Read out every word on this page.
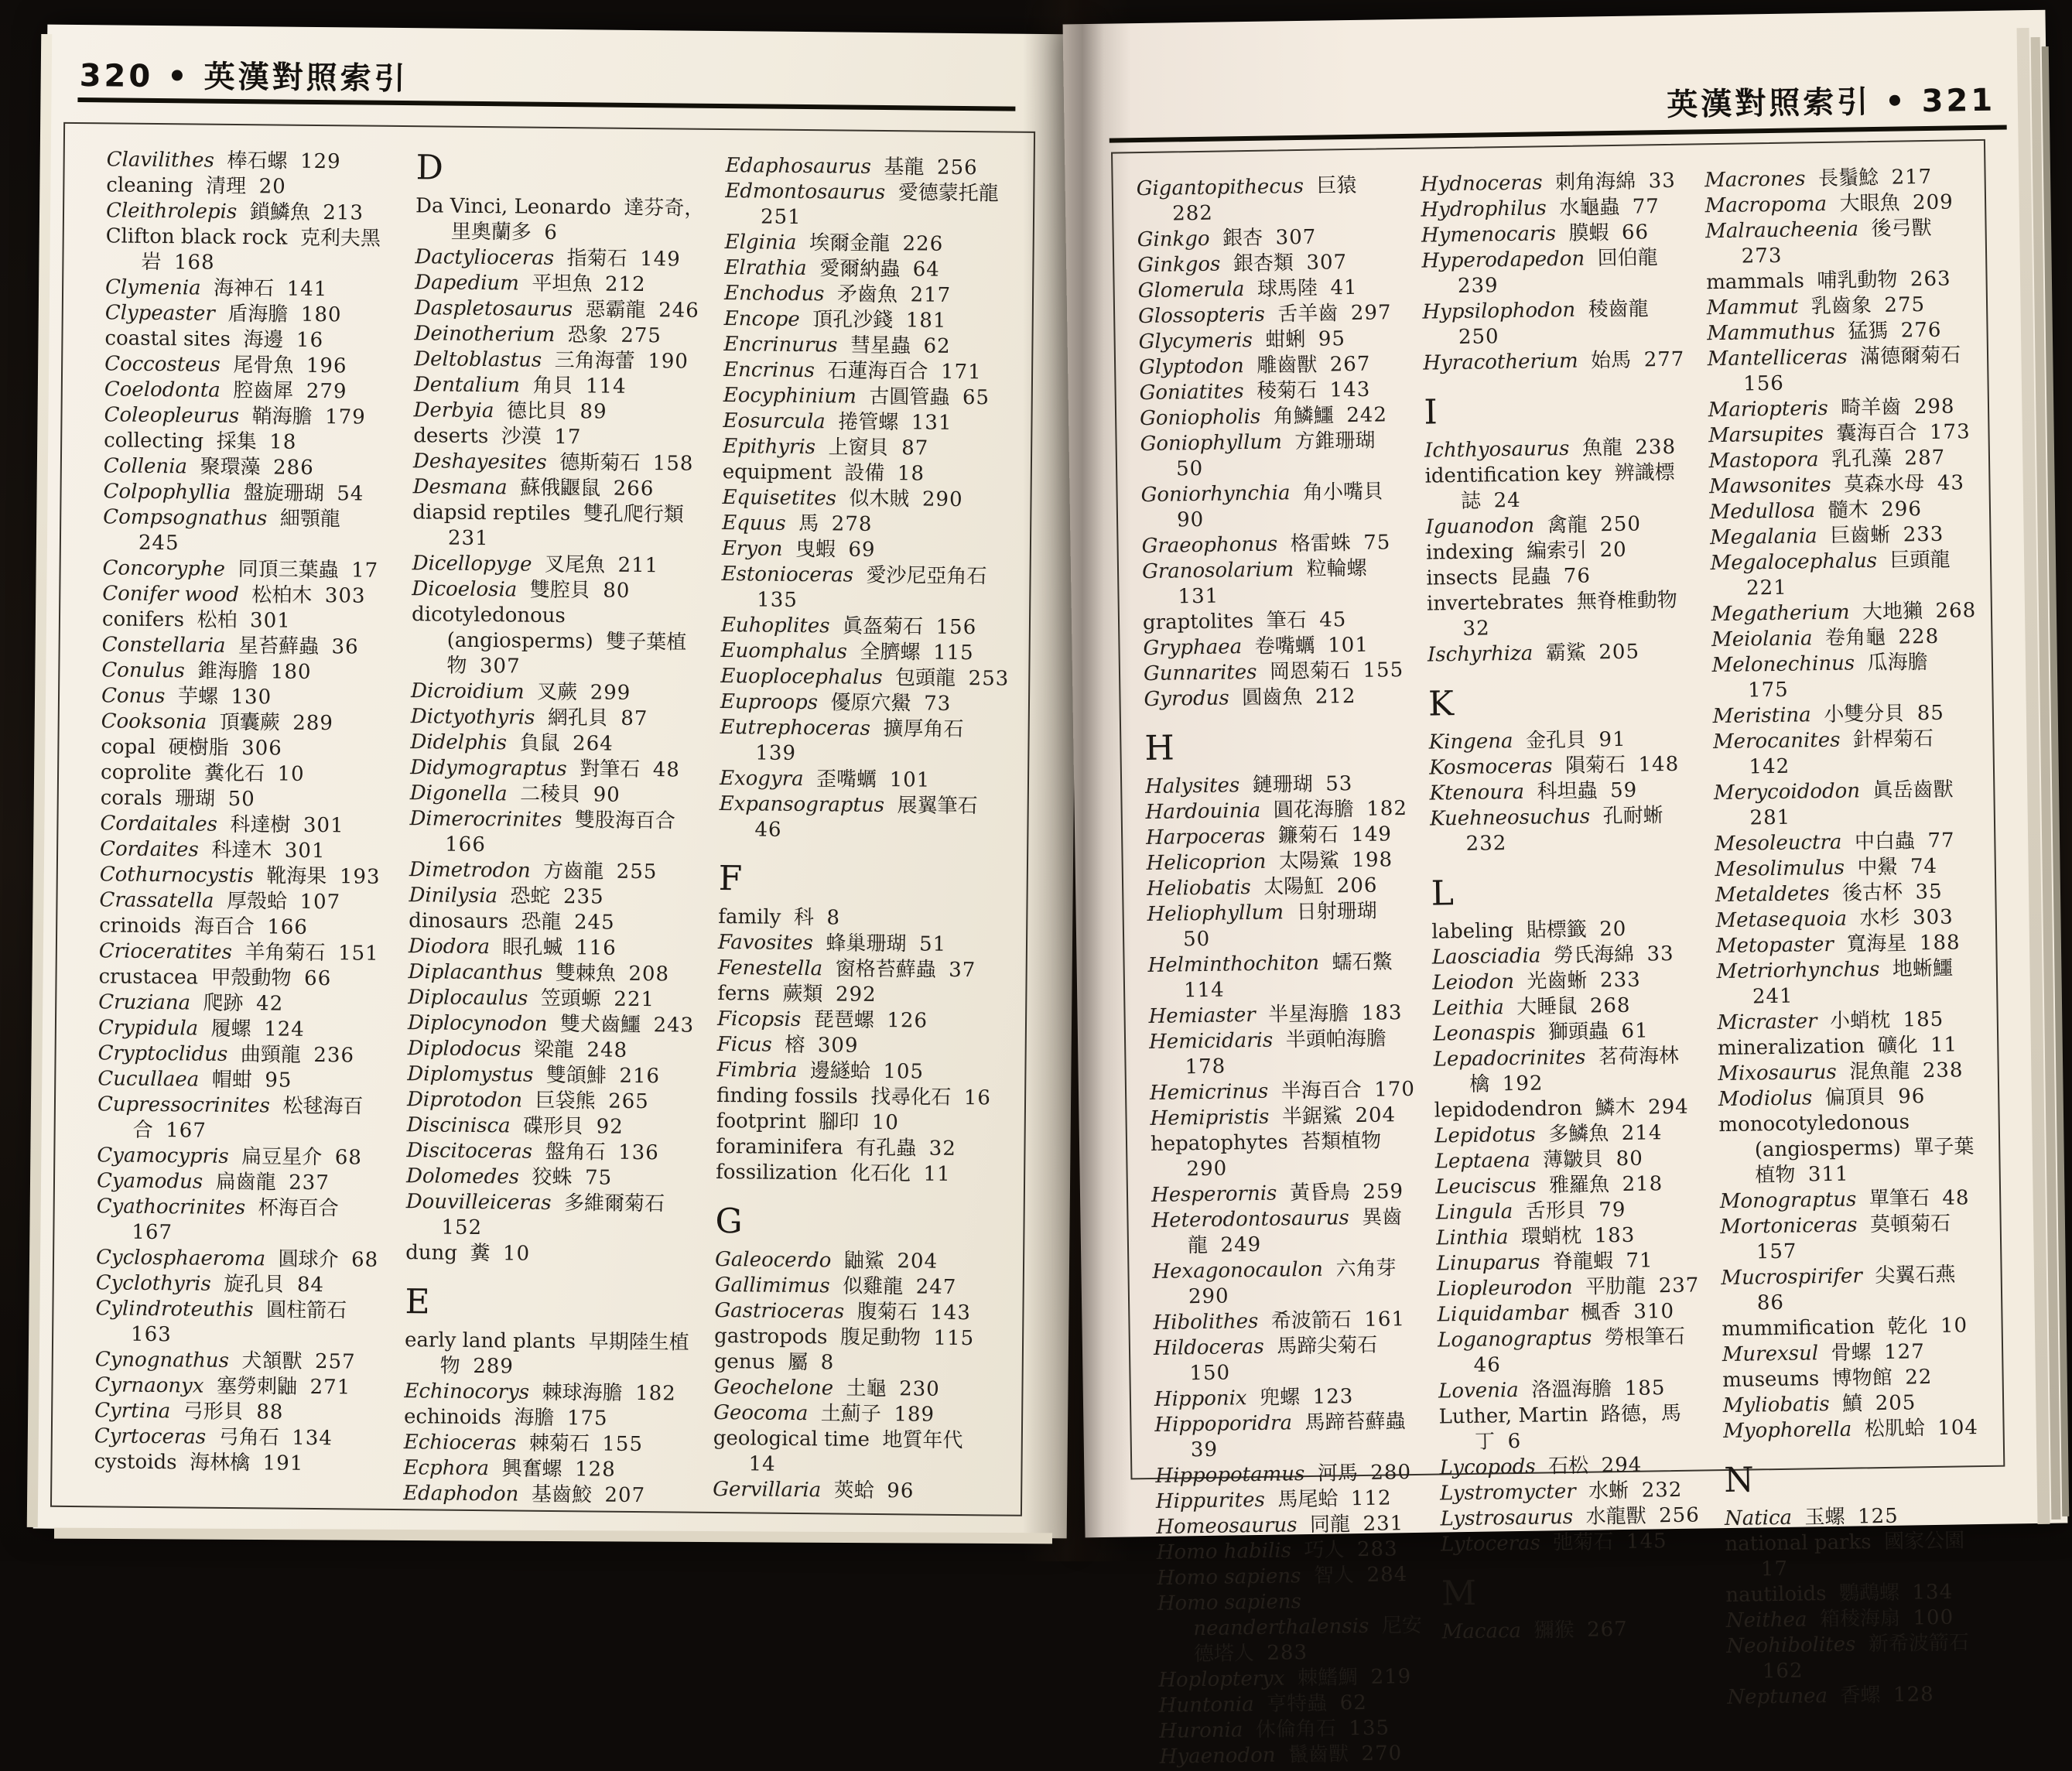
320 • 英漢對照索引
Clavilithes 棒石螺 129
cleaning 清理 20
Cleithrolepis 鎖鱗魚 213
Clifton black rock 克利夫黑岩 168
Clymenia 海神石 141
Clypeaster 盾海膽 180
coastal sites 海邊 16
Coccosteus 尾骨魚 196
Coelodonta 腔齒犀 279
Coleopleurus 鞘海膽 179
collecting 採集 18
Collenia 聚環藻 286
Colpophyllia 盤旋珊瑚 54
Compsognathus 細顎龍  245
Concoryphe 同頂三葉蟲 17
Conifer wood 松柏木 303
conifers 松柏 301
Constellaria 星苔蘚蟲 36
Conulus 錐海膽 180
Conus 芋螺 130
Cooksonia 頂囊蕨 289
copal 硬樹脂 306
coprolite 糞化石 10
corals 珊瑚 50
Cordaitales 科達樹 301
Cordaites 科達木 301
Cothurnocystis 靴海果 193
Crassatella 厚殼蛤 107
crinoids 海百合 166
Crioceratites 羊角菊石 151
crustacea 甲殼動物 66
Cruziana 爬跡 42
Crypidula 履螺 124
Cryptoclidus 曲頸龍 236
Cucullaea 帽蚶 95
Cupressocrinites 松毬海百合 167
Cyamocypris 扁豆星介 68
Cyamodus 扁齒龍 237
Cyathocrinites 杯海百合  167
Cyclosphaeroma 圓球介 68
Cyclothyris 旋孔貝 84
Cylindroteuthis 圓柱箭石  163
Cynognathus 犬頷獸 257
Cyrnaonyx 塞勞刺鼬 271
Cyrtina 弓形貝 88
Cyrtoceras 弓角石 134
cystoids 海林檎 191
D
Da Vinci, Leonardo 達芬奇，里奧蘭多 6
Dactylioceras 指菊石 149
Dapedium 平坦魚 212
Daspletosaurus 惡霸龍 246
Deinotherium 恐象 275
Deltoblastus 三角海蕾 190
Dentalium 角貝 114
Derbyia 德比貝 89
deserts 沙漠 17
Deshayesites 德斯菊石 158
Desmana 蘇俄鼴鼠 266
diapsid reptiles 雙孔爬行類  231
Dicellopyge 叉尾魚 211
Dicoelosia 雙腔貝 80
dicotyledonous (angiosperms) 雙子葉植物 307
Dicroidium 叉蕨 299
Dictyothyris 網孔貝 87
Didelphis 負鼠 264
Didymograptus 對筆石 48
Digonella 二稜貝 90
Dimerocrinites 雙股海百合  166
Dimetrodon 方齒龍 255
Dinilysia 恐蛇 235
dinosaurs 恐龍 245
Diodora 眼孔蝛 116
Diplacanthus 雙棘魚 208
Diplocaulus 笠頭螈 221
Diplocynodon 雙犬齒鱷 243
Diplodocus 梁龍 248
Diplomystus 雙頜鯡 216
Diprotodon 巨袋熊 265
Discinisca 碟形貝 92
Discitoceras 盤角石 136
Dolomedes 狡蛛 75
Douvilleiceras 多維爾菊石  152
dung 糞 10
E
early land plants 早期陸生植物 289
Echinocorys 棘球海膽 182
echinoids 海膽 175
Echioceras 棘菊石 155
Ecphora 興奮螺 128
Edaphodon 基齒鮫 207
Edaphosaurus 基龍 256
Edmontosaurus 愛德蒙托龍  251
Elginia 埃爾金龍 226
Elrathia 愛爾納蟲 64
Enchodus 矛齒魚 217
Encope 頂孔沙錢 181
Encrinurus 彗星蟲 62
Encrinus 石蓮海百合 171
Eocyphinium 古圓管蟲 65
Eosurcula 捲管螺 131
Epithyris 上窗貝 87
equipment 設備 18
Equisetites 似木賊 290
Equus 馬 278
Eryon 曳蝦 69
Estonioceras 愛沙尼亞角石  135
Euhoplites 眞盔菊石 156
Euomphalus 全臍螺 115
Euoplocephalus 包頭龍 253
Euproops 優原穴鱟 73
Eutrephoceras 擴厚角石  139
Exogyra 歪嘴蠣 101
Expansograptus 展翼筆石  46
F
family 科 8
Favosites 蜂巢珊瑚 51
Fenestella 窗格苔蘚蟲 37
ferns 蕨類 292
Ficopsis 琵琶螺 126
Ficus 榕 309
Fimbria 邊繸蛤 105
finding fossils 找尋化石 16
footprint 腳印 10
foraminifera 有孔蟲 32
fossilization 化石化 11
G
Galeocerdo 鼬鯊 204
Gallimimus 似雞龍 247
Gastrioceras 腹菊石 143
gastropods 腹足動物 115
genus 屬 8
Geochelone 土龜 230
Geocoma 土薊子 189
geological time 地質年代  14
Gervillaria 莢蛤 96
英漢對照索引 • 321
Gigantopithecus 巨猿  282
Ginkgo 銀杏 307
Ginkgos 銀杏類 307
Glomerula 球馬陸 41
Glossopteris 舌羊齒 297
Glycymeris 蚶蜊 95
Glyptodon 雕齒獸 267
Goniatites 稜菊石 143
Goniopholis 角鱗鱷 242
Goniophyllum 方錐珊瑚  50
Goniorhynchia 角小嘴貝  90
Graeophonus 格雷蛛 75
Granosolarium 粒輪螺  131
graptolites 筆石 45
Gryphaea 卷嘴蠣 101
Gunnarites 岡恩菊石 155
Gyrodus 圓齒魚 212
H
Halysites 鏈珊瑚 53
Hardouinia 圓花海膽 182
Harpoceras 鐮菊石 149
Helicoprion 太陽鯊 198
Heliobatis 太陽魟 206
Heliophyllum 日射珊瑚  50
Helminthochiton 蠕石鱉  114
Hemiaster 半星海膽 183
Hemicidaris 半頭帕海膽  178
Hemicrinus 半海百合 170
Hemipristis 半鋸鯊 204
hepatophytes 苔類植物  290
Hesperornis 黃昏鳥 259
Heterodontosaurus 異齒龍 249
Hexagonocaulon 六角芽  290
Hibolithes 希波箭石 161
Hildoceras 馬蹄尖菊石  150
Hipponix 兜螺 123
Hippoporidra 馬蹄苔蘚蟲  39
Hippopotamus 河馬 280
Hippurites 馬尾蛤 112
Homeosaurus 同龍 231
Homo habilis 巧人 283
Homo sapiens 智人 284
Homo sapiens neanderthalensis 尼安德塔人 283
Hoplopteryx 棘鰭鯛 219
Huntonia 亨特蟲 62
Huronia 休倫角石 135
Hyaenodon 鬣齒獸 270
Hydnoceras 刺角海綿 33
Hydrophilus 水龜蟲 77
Hymenocaris 膜蝦 66
Hyperodapedon 回伯龍  239
Hypsilophodon 稜齒龍  250
Hyracotherium 始馬 277
I
Ichthyosaurus 魚龍 238
identification key 辨識標誌 24
Iguanodon 禽龍 250
indexing 編索引 20
insects 昆蟲 76
invertebrates 無脊椎動物  32
Ischyrhiza 霸鯊 205
K
Kingena 金孔貝 91
Kosmoceras 隕菊石 148
Ktenoura 科坦蟲 59
Kuehneosuchus 孔耐蜥  232
L
labeling 貼標籤 20
Laosciadia 勞氏海綿 33
Leiodon 光齒蜥 233
Leithia 大睡鼠 268
Leonaspis 獅頭蟲 61
Lepadocrinites 茗荷海林檎 192
lepidodendron 鱗木 294
Lepidotus 多鱗魚 214
Leptaena 薄皺貝 80
Leuciscus 雅羅魚 218
Lingula 舌形貝 79
Linthia 環蛸枕 183
Linuparus 脊龍蝦 71
Liopleurodon 平肋龍 237
Liquidambar 楓香 310
Loganograptus 勞根筆石  46
Lovenia 洛溫海膽 185
Luther, Martin 路德，馬丁 6
Lycopods 石松 294
Lystromycter 水蜥 232
Lystrosaurus 水龍獸 256
Lytoceras 弛菊石 145
M
Macaca 獼猴 267
Macrones 長鬚鯰 217
Macropoma 大眼魚 209
Malraucheenia 後弓獸  273
mammals 哺乳動物 263
Mammut 乳齒象 275
Mammuthus 猛獁 276
Mantelliceras 滿德爾菊石  156
Mariopteris 畸羊齒 298
Marsupites 囊海百合 173
Mastopora 乳孔藻 287
Mawsonites 莫森水母 43
Medullosa 髓木 296
Megalania 巨齒蜥 233
Megalocephalus 巨頭龍  221
Megatherium 大地獺 268
Meiolania 卷角龜 228
Melonechinus 瓜海膽  175
Meristina 小雙分貝 85
Merocanites 針桿菊石  142
Merycoidodon 眞岳齒獸  281
Mesoleuctra 中白蟲 77
Mesolimulus 中鱟 74
Metaldetes 後古杯 35
Metasequoia 水杉 303
Metopaster 寬海星 188
Metriorhynchus 地蜥鱷  241
Micraster 小蛸枕 185
mineralization 礦化 11
Mixosaurus 混魚龍 238
Modiolus 偏頂貝 96
monocotyledonous (angiosperms) 單子葉植物 311
Monograptus 單筆石 48
Mortoniceras 莫頓菊石  157
Mucrospirifer 尖翼石燕  86
mummification 乾化 10
Murexsul 骨螺 127
museums 博物館 22
Myliobatis 鱝 205
Myophorella 松肌蛤 104
N
Natica 玉螺 125
national parks 國家公園  17
nautiloids 鸚鵡螺 134
Neithea 箱稜海扇 100
Neohibolites 新希波箭石  162
Neptunea 香螺 128
